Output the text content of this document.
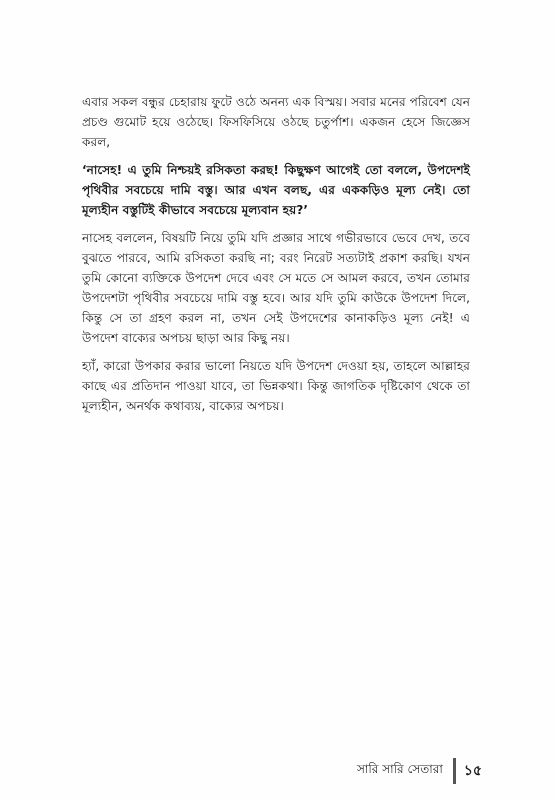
এবার সকল বন্ধুর চেহারায় ফুটে ওঠে অনন্য এক বিস্ময়। সবার মনের পরিবেশ যেন প্রচণ্ড গুমোট হয়ে ওঠেছে। ফিসফিসিয়ে ওঠছে চতুর্পাশ। একজন হেসে জিজ্ঞেস করল,

‘নাসেহ! এ তুমি নিশ্চয়ই রসিকতা করছ! কিছুক্ষণ আগেই তো বললে, উপদেশই পৃথিবীর সবচেয়ে দামি বস্তু। আর এখন বলছ, এর এককড়িও মূল্য নেই। তো মূল্যহীন বস্তুটিই কীভাবে সবচেয়ে মূল্যবান হয়?’

নাসেহ বললেন, বিষয়টি নিয়ে তুমি যদি প্রজ্ঞার সাথে গভীরভাবে ভেবে দেখ, তবে বুঝতে পারবে, আমি রসিকতা করছি না; বরং নিরেট সত্যটাই প্রকাশ করছি। যখন তুমি কোনো ব্যক্তিকে উপদেশ দেবে এবং সে মতে সে আমল করবে, তখন তোমার উপদেশটা পৃথিবীর সবচেয়ে দামি বস্তু হবে। আর যদি তুমি কাউকে উপদেশ দিলে, কিন্তু সে তা গ্রহণ করল না, তখন সেই উপদেশের কানাকড়িও মূল্য নেই! এ উপদেশ বাক্যের অপচয় ছাড়া আর কিছু নয়।

হ্যাঁ, কারো উপকার করার ভালো নিয়তে যদি উপদেশ দেওয়া হয়, তাহলে আল্লাহর কাছে এর প্রতিদান পাওয়া যাবে, তা ভিন্নকথা। কিন্তু জাগতিক দৃষ্টিকোণ থেকে তা মূল্যহীন, অনর্থক কথাব্যয়, বাক্যের অপচয়।

সারি সারি সেতারা ১৫
